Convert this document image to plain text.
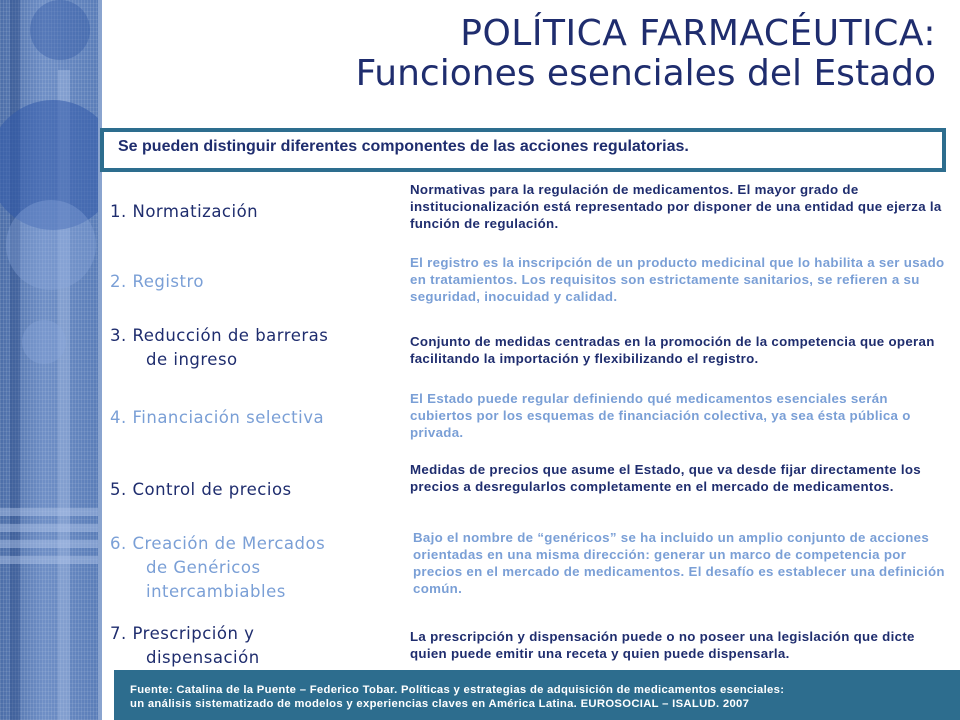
POLÍTICA FARMACÉUTICA:
Funciones esenciales del Estado
Se pueden distinguir diferentes componentes de las acciones regulatorias.
1. Normatización
Normativas para la regulación de medicamentos. El mayor grado de institucionalización está representado por disponer de una entidad que ejerza la función de regulación.
2. Registro
El registro es la inscripción de un producto medicinal que lo habilita a ser usado en tratamientos. Los requisitos son estrictamente sanitarios, se refieren a su seguridad, inocuidad y calidad.
3. Reducción de barreras
de ingreso
Conjunto de medidas centradas en la promoción de la competencia que operan facilitando la importación y flexibilizando el registro.
4. Financiación selectiva
El Estado puede regular definiendo qué medicamentos esenciales serán cubiertos por los esquemas de financiación colectiva, ya sea ésta pública o privada.
5. Control de precios
Medidas de precios que asume el Estado, que va desde fijar directamente los precios a desregularlos completamente en el mercado de medicamentos.
6. Creación de Mercados
de Genéricos
intercambiables
Bajo el nombre de “genéricos” se ha incluido un amplio conjunto de acciones orientadas en una misma dirección: generar un marco de competencia por precios en el mercado de medicamentos. El desafío es establecer una definición común.
7. Prescripción y
dispensación
La prescripción y dispensación puede o no poseer una legislación que dicte quien puede emitir una receta y quien puede dispensarla.
Fuente: Catalina de la Puente – Federico Tobar. Políticas y estrategias de adquisición de medicamentos esenciales:
un análisis sistematizado de modelos y experiencias claves en América Latina. EUROSOCIAL – ISALUD. 2007
